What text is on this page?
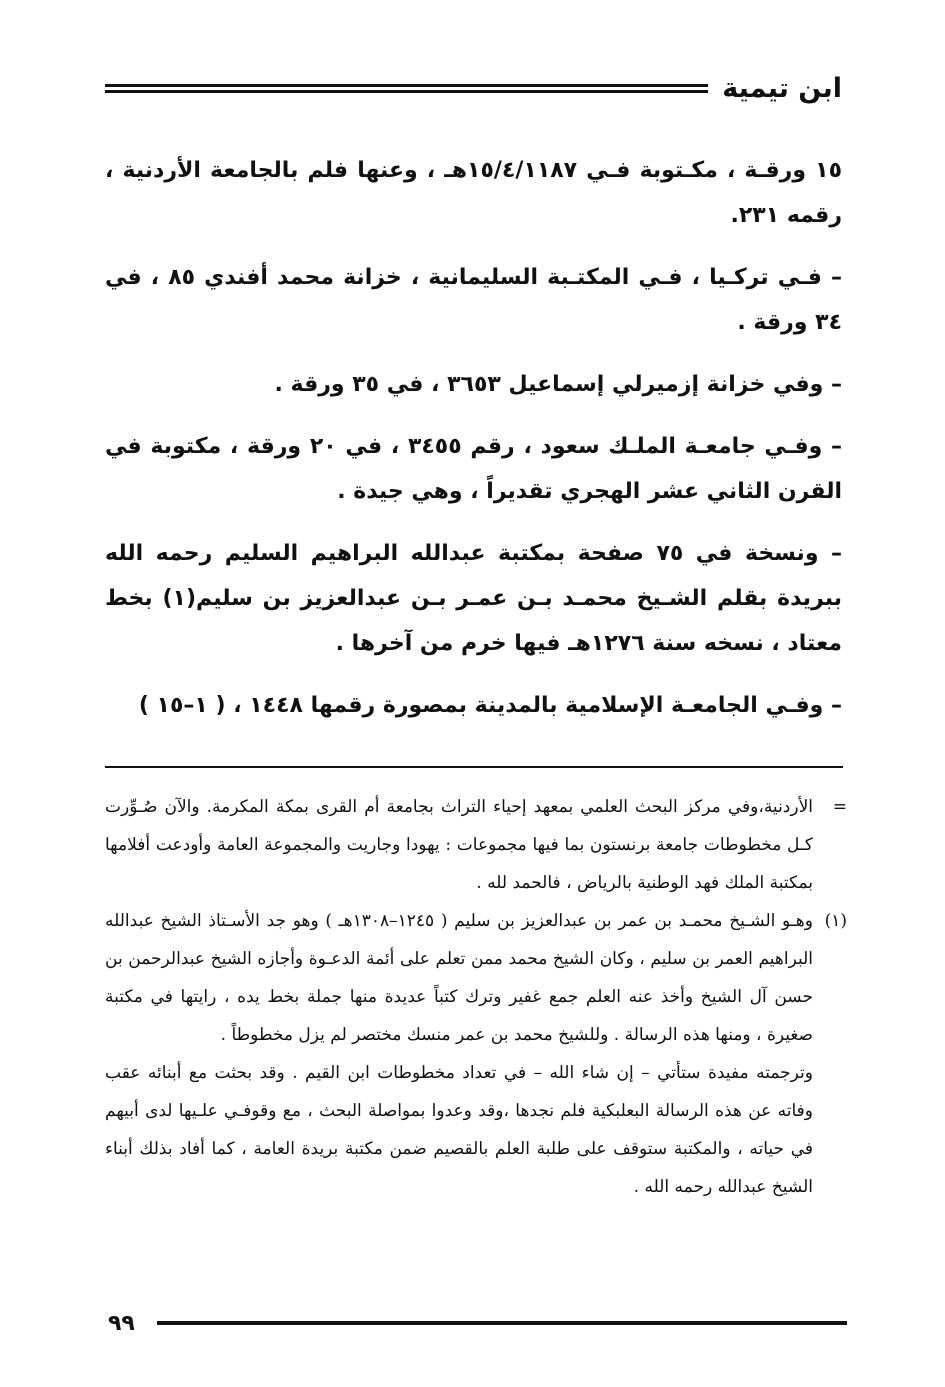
ابن تيمية

١٥ ورقـة ، مكـتوبة فـي ١٥/٤/١١٨٧هـ ، وعنها فلم بالجامعة الأردنية ، رقمه ٢٣١.

– فـي تركـيا ، فـي المكتـبة السليمانية ، خزانة محمد أفندي ٨٥ ، في ٣٤ ورقة .

– وفي خزانة إزميرلي إسماعيل ٣٦٥٣ ، في ٣٥ ورقة .

– وفـي جامعـة الملـك سعود ، رقم ٣٤٥٥ ، في ٢٠ ورقة ، مكتوبة في القرن الثاني عشر الهجري تقديراً ، وهي جيدة .

– ونسخة في ٧٥ صفحة بمكتبة عبدالله البراهيم السليم رحمه الله ببريدة بقلم الشـيخ محمـد بـن عمـر بـن عبدالعزيز بن سليم(١) بخط معتاد ، نسخه سنة ١٢٧٦هـ فيها خرم من آخرها .

– وفـي الجامعـة الإسلامية بالمدينة بمصورة رقمها ١٤٤٨ ، ( ١–١٥ )

=
الأردنية،وفي مركز البحث العلمي بمعهد إحياء التراث بجامعة أم القرى بمكة المكرمة. والآن صُـوِّرت كـل مخطوطات جامعة برنستون بما فيها مجموعات : يهودا وجاريت والمجموعة العامة وأودعت أفلامها بمكتبة الملك فهد الوطنية بالرياض ، فالحمد لله .
(١)
وهـو الشـيخ محمـد بن عمر بن عبدالعزيز بن سليم ( ١٢٤٥–١٣٠٨هـ ) وهو جد الأسـتاذ الشيخ عبدالله البراهيم العمر بن سليم ، وكان الشيخ محمد ممن تعلم على أئمة الدعـوة وأجازه الشيخ عبدالرحمن بن حسن آل الشيخ وأخذ عنه العلم جمع غفير وترك كتباً عديدة منها جملة بخط يده ، رايتها في مكتبة صغيرة ، ومنها هذه الرسالة . وللشيخ محمد بن عمر منسك مختصر لم يزل مخطوطاً .

وترجمته مفيدة ستأتي – إن شاء الله – في تعداد مخطوطات ابن القيم . وقد بحثت مع أبنائه عقب وفاته عن هذه الرسالة البعلبكية فلم نجدها ،وقد وعدوا بمواصلة البحث ، مع وقوفـي علـيها لدى أبيهم في حياته ، والمكتبة ستوقف على طلبة العلم بالقصيم ضمن مكتبة بريدة العامة ، كما أفاد بذلك أبناء الشيخ عبدالله رحمه الله .

٩٩
